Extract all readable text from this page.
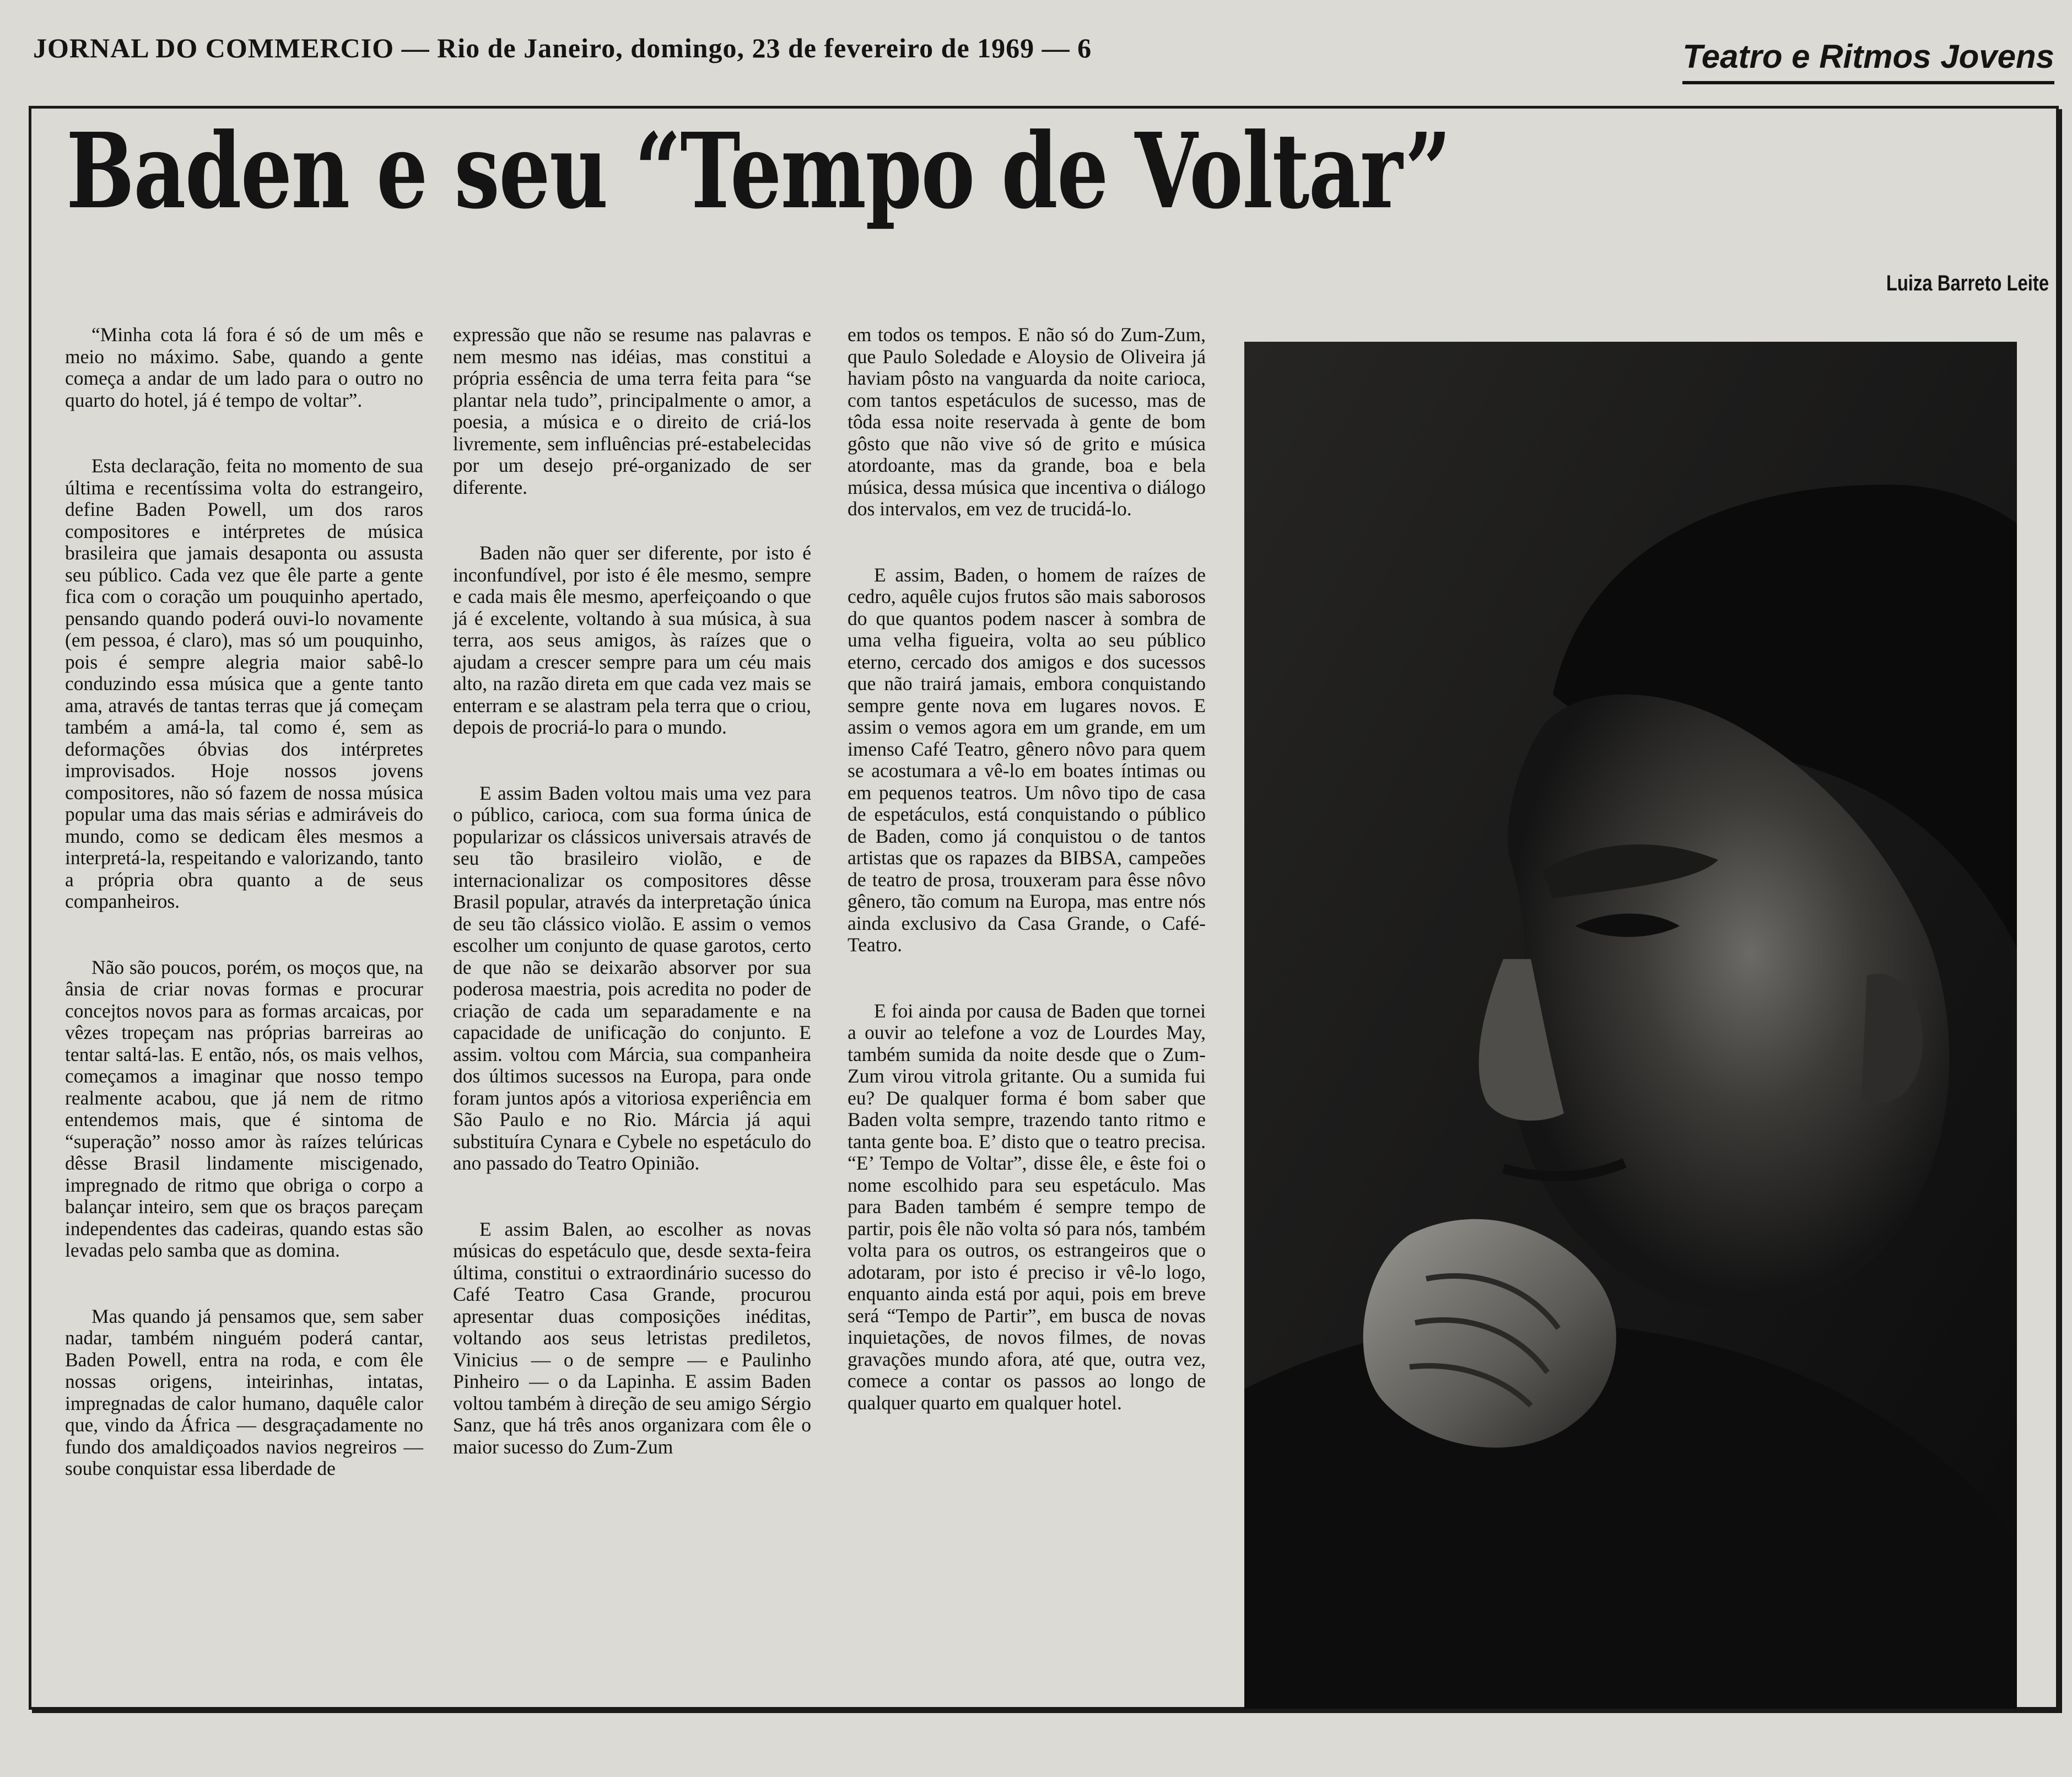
JORNAL DO COMMERCIO — Rio de Janeiro, domingo, 23 de fevereiro de 1969 — 6	Teatro e Ritmos Jovens
Baden e seu “Tempo de Voltar”
Luiza Barreto Leite

“Minha cota lá fora é só de um mês e meio no máximo. Sabe, quando a gente começa a andar de um lado para o outro no quarto do hotel, já é tempo de voltar”.

Esta declaração, feita no momento de sua última e recentíssima volta do estrangeiro, define Baden Powell, um dos raros compositores e intérpretes de música brasileira que jamais desaponta ou assusta seu público. Cada vez que êle parte a gente fica com o coração um pouquinho apertado, pensando quando poderá ouvi-lo novamente (em pessoa, é claro), mas só um pouquinho, pois é sempre alegria maior sabê-lo conduzindo essa música que a gente tanto ama, através de tantas terras que já começam também a amá-la, tal como é, sem as deformações óbvias dos intérpretes improvisados. Hoje nossos jovens compositores, não só fazem de nossa música popular uma das mais sérias e admiráveis do mundo, como se dedicam êles mesmos a interpretá-la, respeitando e valorizando, tanto a própria obra quanto a de seus companheiros.

Não são poucos, porém, os moços que, na ânsia de criar novas formas e procurar concejtos novos para as formas arcaicas, por vêzes tropeçam nas próprias barreiras ao tentar saltá-las. E então, nós, os mais velhos, começamos a imaginar que nosso tempo realmente acabou, que já nem de ritmo entendemos mais, que é sintoma de “superação” nosso amor às raízes telúricas dêsse Brasil lindamente miscigenado, impregnado de ritmo que obriga o corpo a balançar inteiro, sem que os braços pareçam independentes das cadeiras, quando estas são levadas pelo samba que as domina.

Mas quando já pensamos que, sem saber nadar, também ninguém poderá cantar, Baden Powell, entra na roda, e com êle nossas origens, inteirinhas, intatas, impregnadas de calor humano, daquêle calor que, vindo da África — desgraçadamente no fundo dos amaldiçoados navios negreiros — soube conquistar essa liberdade de

expressão que não se resume nas palavras e nem mesmo nas idéias, mas constitui a própria essência de uma terra feita para “se plantar nela tudo”, principalmente o amor, a poesia, a música e o direito de criá-los livremente, sem influências pré-estabelecidas por um desejo pré-organizado de ser diferente.

Baden não quer ser diferente, por isto é inconfundível, por isto é êle mesmo, sempre e cada mais êle mesmo, aperfeiçoando o que já é excelente, voltando à sua música, à sua terra, aos seus amigos, às raízes que o ajudam a crescer sempre para um céu mais alto, na razão direta em que cada vez mais se enterram e se alastram pela terra que o criou, depois de procriá-lo para o mundo.

E assim Baden voltou mais uma vez para o público, carioca, com sua forma única de popularizar os clássicos universais através de seu tão brasileiro violão, e de internacionalizar os compositores dêsse Brasil popular, através da interpretação única de seu tão clássico violão. E assim o vemos escolher um conjunto de quase garotos, certo de que não se deixarão absorver por sua poderosa maestria, pois acredita no poder de criação de cada um separadamente e na capacidade de unificação do conjunto. E assim. voltou com Márcia, sua companheira dos últimos sucessos na Europa, para onde foram juntos após a vitoriosa experiência em São Paulo e no Rio. Márcia já aqui substituíra Cynara e Cybele no espetáculo do ano passado do Teatro Opinião.

E assim Balen, ao escolher as novas músicas do espetáculo que, desde sexta-feira última, constitui o extraordinário sucesso do Café Teatro Casa Grande, procurou apresentar duas composições inéditas, voltando aos seus letristas prediletos, Vinicius — o de sempre — e Paulinho Pinheiro — o da Lapinha. E assim Baden voltou também à direção de seu amigo Sérgio Sanz, que há três anos organizara com êle o maior sucesso do Zum-Zum

em todos os tempos. E não só do Zum-Zum, que Paulo Soledade e Aloysio de Oliveira já haviam pôsto na vanguarda da noite carioca, com tantos espetáculos de sucesso, mas de tôda essa noite reservada à gente de bom gôsto que não vive só de grito e música atordoante, mas da grande, boa e bela música, dessa música que incentiva o diálogo dos intervalos, em vez de trucidá-lo.

E assim, Baden, o homem de raízes de cedro, aquêle cujos frutos são mais saborosos do que quantos podem nascer à sombra de uma velha figueira, volta ao seu público eterno, cercado dos amigos e dos sucessos que não trairá jamais, embora conquistando sempre gente nova em lugares novos. E assim o vemos agora em um grande, em um imenso Café Teatro, gênero nôvo para quem se acostumara a vê-lo em boates íntimas ou em pequenos teatros. Um nôvo tipo de casa de espetáculos, está conquistando o público de Baden, como já conquistou o de tantos artistas que os rapazes da BIBSA, campeões de teatro de prosa, trouxeram para êsse nôvo gênero, tão comum na Europa, mas entre nós ainda exclusivo da Casa Grande, o Café-Teatro.

E foi ainda por causa de Baden que tornei a ouvir ao telefone a voz de Lourdes May, também sumida da noite desde que o Zum-Zum virou vitrola gritante. Ou a sumida fui eu? De qualquer forma é bom saber que Baden volta sempre, trazendo tanto ritmo e tanta gente boa. E’ disto que o teatro precisa. “E’ Tempo de Voltar”, disse êle, e êste foi o nome escolhido para seu espetáculo. Mas para Baden também é sempre tempo de partir, pois êle não volta só para nós, também volta para os outros, os estrangeiros que o adotaram, por isto é preciso ir vê-lo logo, enquanto ainda está por aqui, pois em breve será “Tempo de Partir”, em busca de novas inquietações, de novos filmes, de novas gravações mundo afora, até que, outra vez, comece a contar os passos ao longo de qualquer quarto em qualquer hotel.
